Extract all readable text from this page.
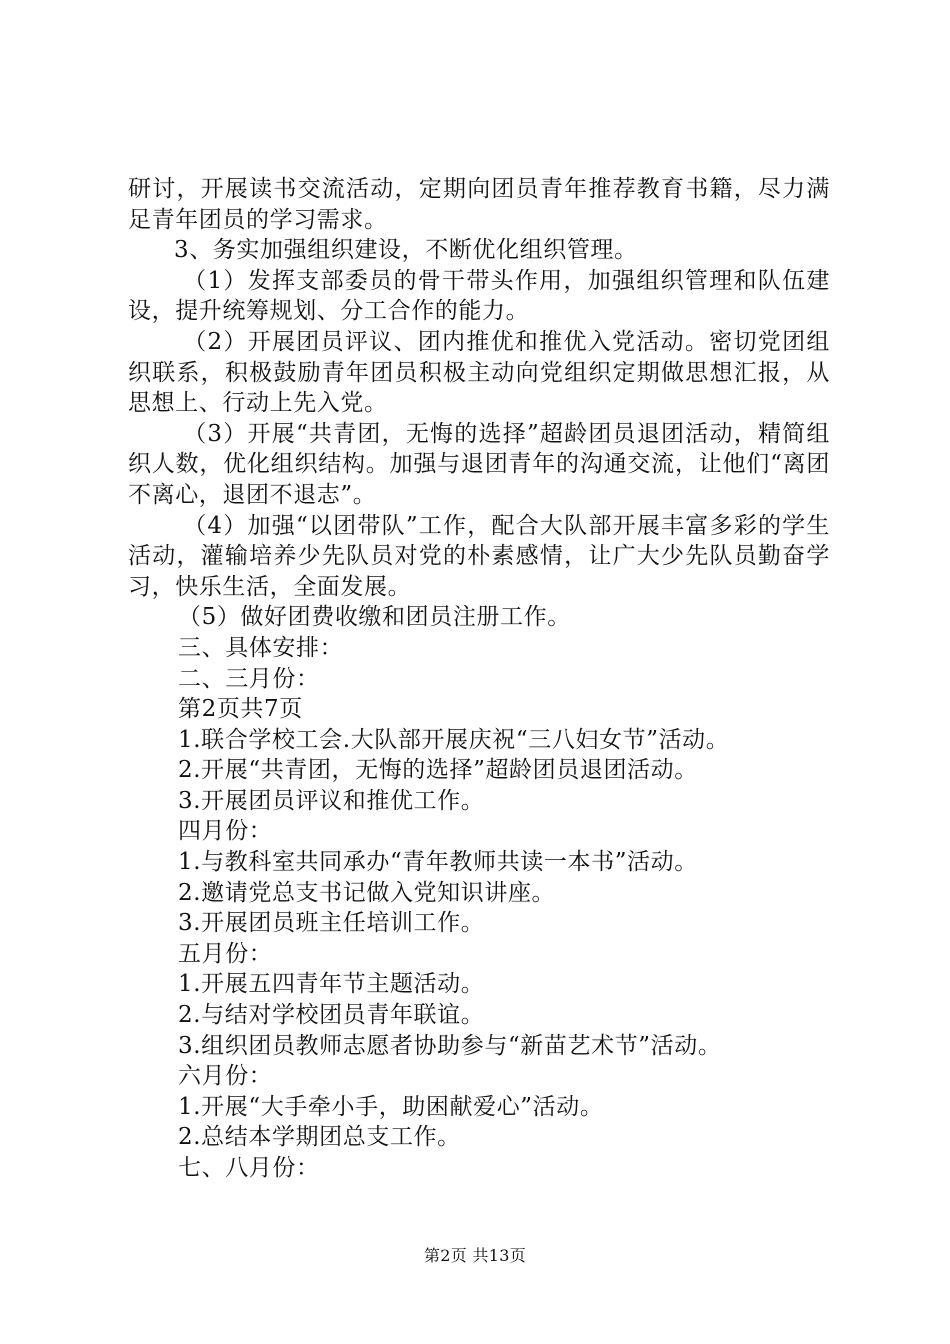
研讨，开展读书交流活动，定期向团员青年推荐教育书籍，尽力满足青年团员的学习需求。

3、务实加强组织建设，不断优化组织管理。

（1）发挥支部委员的骨干带头作用，加强组织管理和队伍建设，提升统筹规划、分工合作的能力。

（2）开展团员评议、团内推优和推优入党活动。密切党团组织联系，积极鼓励青年团员积极主动向党组织定期做思想汇报，从思想上、行动上先入党。

（3）开展“共青团，无悔的选择”超龄团员退团活动，精简组织人数，优化组织结构。加强与退团青年的沟通交流，让他们“离团不离心，退团不退志”。

（4）加强“以团带队”工作，配合大队部开展丰富多彩的学生活动，灌输培养少先队员对党的朴素感情，让广大少先队员勤奋学习，快乐生活，全面发展。

（5）做好团费收缴和团员注册工作。

三、具体安排：

二、三月份：

第2页共7页

1.联合学校工会.大队部开展庆祝“三八妇女节”活动。

2.开展“共青团，无悔的选择”超龄团员退团活动。

3.开展团员评议和推优工作。

四月份：

1.与教科室共同承办“青年教师共读一本书”活动。

2.邀请党总支书记做入党知识讲座。

3.开展团员班主任培训工作。

五月份：

1.开展五四青年节主题活动。

2.与结对学校团员青年联谊。

3.组织团员教师志愿者协助参与“新苗艺术节”活动。

六月份：

1.开展“大手牵小手，助困献爱心”活动。

2.总结本学期团总支工作。

七、八月份：

第2页 共13页
